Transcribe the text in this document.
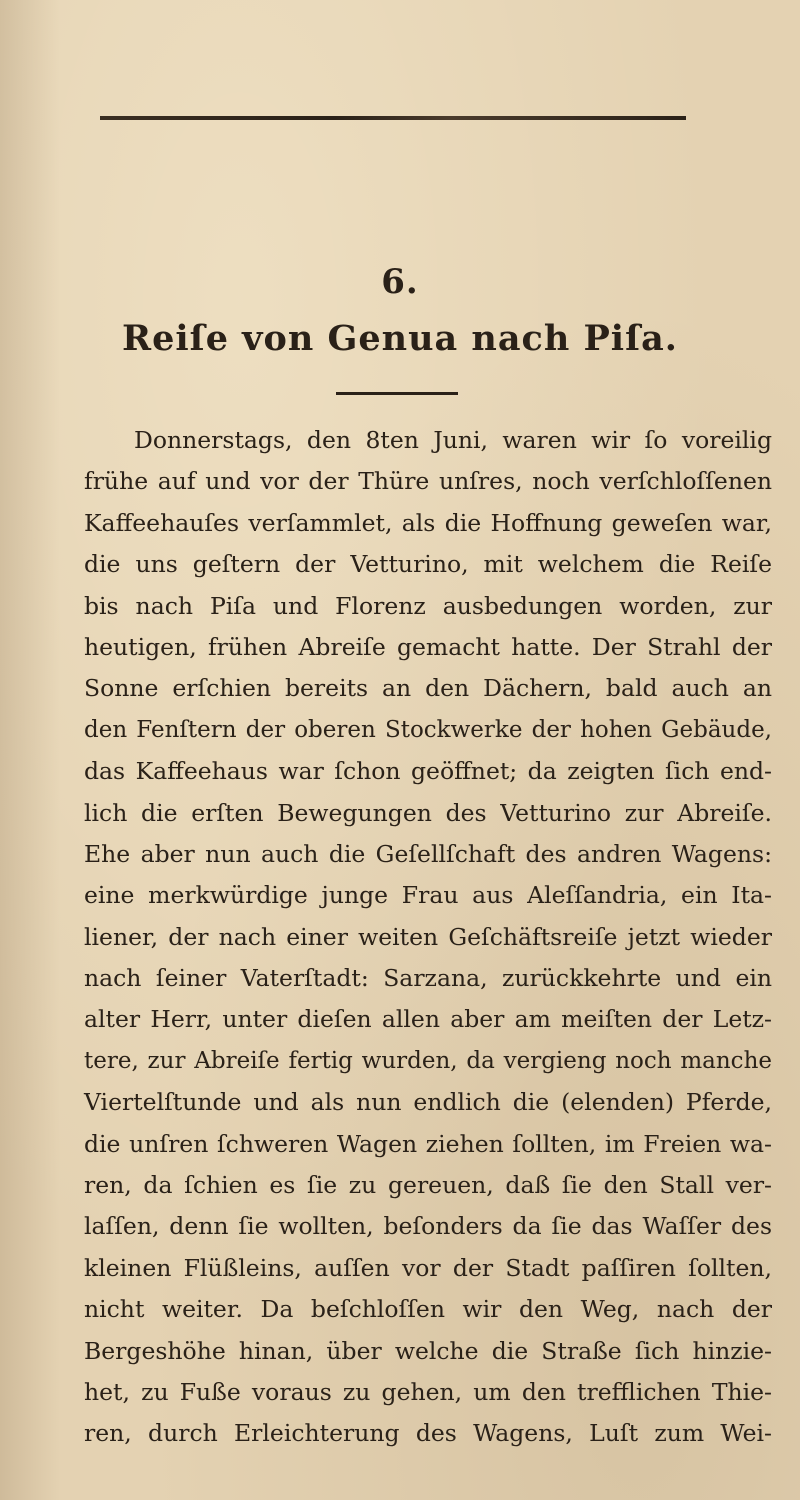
6.
Reiſe von Genua nach Piſa.
Donnerstags, den 8ten Juni, waren wir ſo voreilig
frühe auf und vor der Thüre unſres, noch verſchloſſenen
Kaffeehauſes verſammlet, als die Hoffnung geweſen war,
die uns geſtern der Vetturino, mit welchem die Reiſe
bis nach Piſa und Florenz ausbedungen worden, zur
heutigen, frühen Abreiſe gemacht hatte. Der Strahl der
Sonne erſchien bereits an den Dächern, bald auch an
den Fenſtern der oberen Stockwerke der hohen Gebäude,
das Kaffeehaus war ſchon geöffnet; da zeigten ſich end-
lich die erſten Bewegungen des Vetturino zur Abreiſe.
Ehe aber nun auch die Geſellſchaft des andren Wagens:
eine merkwürdige junge Frau aus Aleſſandria, ein Ita-
liener, der nach einer weiten Geſchäftsreiſe jetzt wieder
nach ſeiner Vaterſtadt: Sarzana, zurückkehrte und ein
alter Herr, unter dieſen allen aber am meiſten der Letz-
tere, zur Abreiſe fertig wurden, da vergieng noch manche
Viertelſtunde und als nun endlich die (elenden) Pferde,
die unſren ſchweren Wagen ziehen ſollten, im Freien wa-
ren, da ſchien es ſie zu gereuen, daß ſie den Stall ver-
laſſen, denn ſie wollten, beſonders da ſie das Waſſer des
kleinen Flüßleins, auſſen vor der Stadt paſſiren ſollten,
nicht weiter. Da beſchloſſen wir den Weg, nach der
Bergeshöhe hinan, über welche die Straße ſich hinzie-
het, zu Fuße voraus zu gehen, um den trefflichen Thie-
ren, durch Erleichterung des Wagens, Luſt zum Wei-
